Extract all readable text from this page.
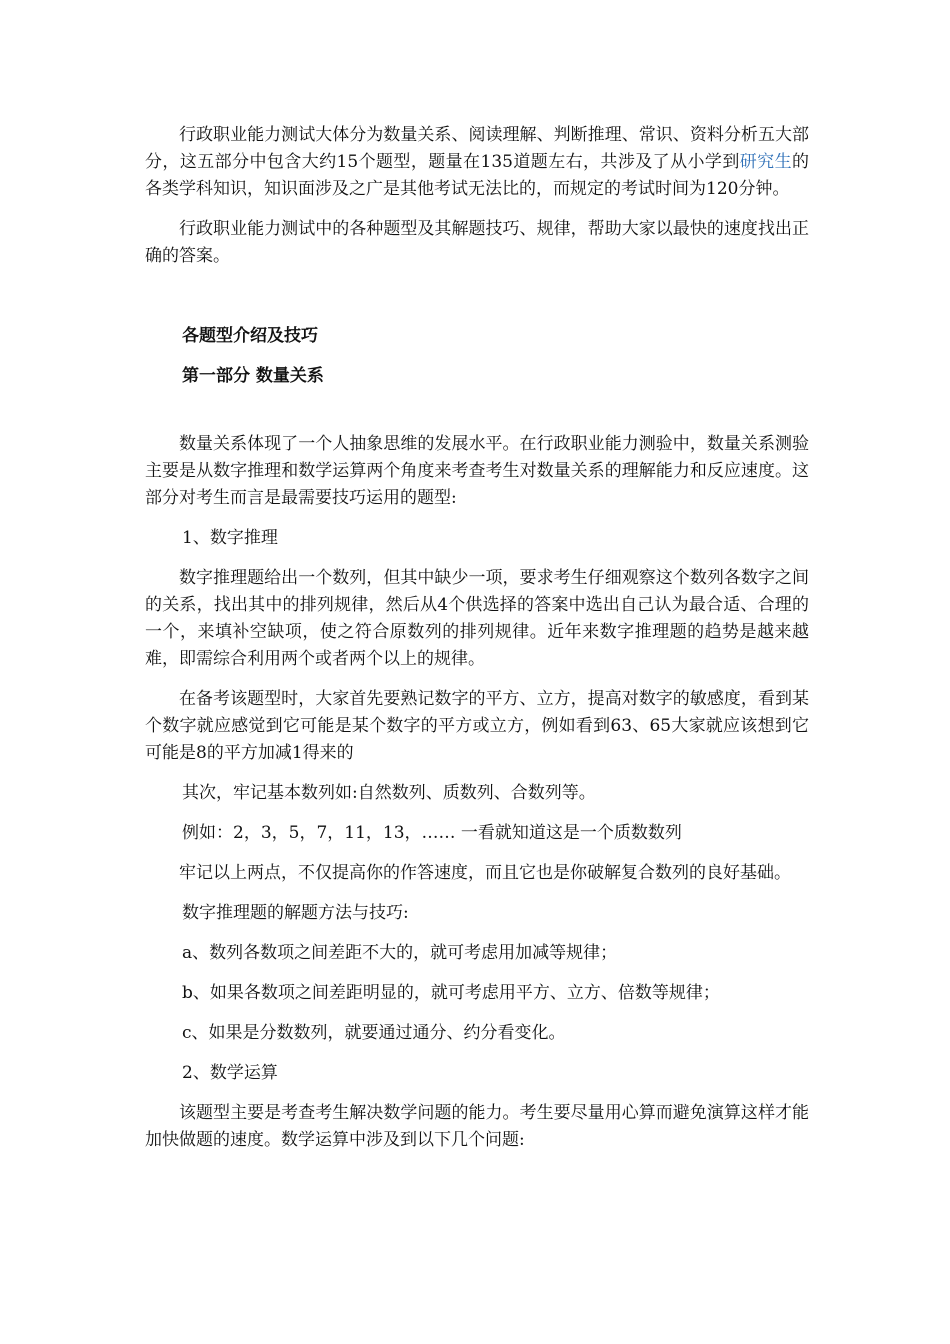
行政职业能力测试大体分为数量关系、阅读理解、判断推理、常识、资料分析五大部分，这五部分中包含大约15个题型，题量在135道题左右，共涉及了从小学到研究生的各类学科知识，知识面涉及之广是其他考试无法比的，而规定的考试时间为120分钟。

行政职业能力测试中的各种题型及其解题技巧、规律，帮助大家以最快的速度找出正确的答案。

各题型介绍及技巧
第一部分 数量关系

数量关系体现了一个人抽象思维的发展水平。在行政职业能力测验中，数量关系测验主要是从数字推理和数学运算两个角度来考查考生对数量关系的理解能力和反应速度。这部分对考生而言是最需要技巧运用的题型:

1、数字推理

数字推理题给出一个数列，但其中缺少一项，要求考生仔细观察这个数列各数字之间的关系，找出其中的排列规律，然后从4个供选择的答案中选出自己认为最合适、合理的一个，来填补空缺项，使之符合原数列的排列规律。近年来数字推理题的趋势是越来越难，即需综合利用两个或者两个以上的规律。

在备考该题型时，大家首先要熟记数字的平方、立方，提高对数字的敏感度，看到某个数字就应感觉到它可能是某个数字的平方或立方，例如看到63、65大家就应该想到它可能是8的平方加减1得来的

其次，牢记基本数列如:自然数列、质数列、合数列等。
例如：2，3，5，7，11，13，…… 一看就知道这是一个质数数列

牢记以上两点，不仅提高你的作答速度，而且它也是你破解复合数列的良好基础。

数字推理题的解题方法与技巧:
a、数列各数项之间差距不大的，就可考虑用加减等规律；
b、如果各数项之间差距明显的，就可考虑用平方、立方、倍数等规律；
c、如果是分数数列，就要通过通分、约分看变化。
2、数学运算

该题型主要是考查考生解决数学问题的能力。考生要尽量用心算而避免演算这样才能加快做题的速度。数学运算中涉及到以下几个问题:
